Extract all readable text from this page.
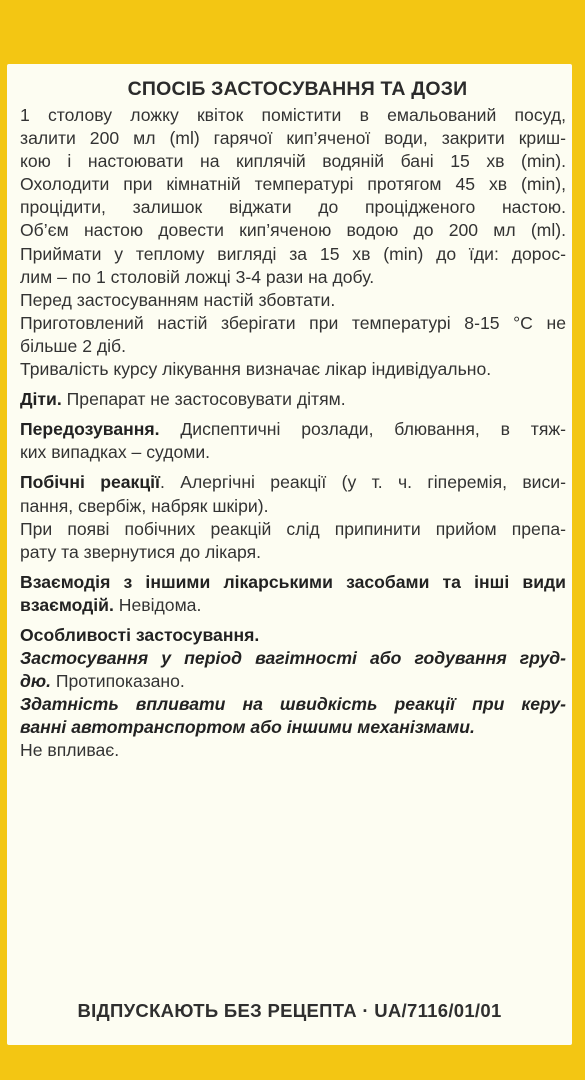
СПОСІБ ЗАСТОСУВАННЯ ТА ДОЗИ
1 столову ложку квіток помістити в емальований посуд,
залити 200 мл (ml) гарячої кип’яченої води, закрити криш-
кою і настоювати на киплячій водяній бані 15 хв (min).
Охолодити при кімнатній температурі протягом 45 хв (min),
процідити, залишок віджати до процідженого настою.
Об’єм настою довести кип’яченою водою до 200 мл (ml).
Приймати у теплому вигляді за 15 хв (min) до їди: дорос-
лим – по 1 столовій ложці 3-4 рази на добу.
Перед застосуванням настій збовтати.
Приготовлений настій зберігати при температурі 8-15 °С не
більше 2 діб.
Тривалість курсу лікування визначає лікар індивідуально.
Діти. Препарат не застосовувати дітям.
Передозування. Диспептичні розлади, блювання, в тяж-
ких випадках – судоми.
Побічні реакції. Алергічні реакції (у т. ч. гіперемія, виси-
пання, свербіж, набряк шкіри).
При появі побічних реакцій слід припинити прийом препа-
рату та звернутися до лікаря.
Взаємодія з іншими лікарськими засобами та інші види
взаємодій. Невідома.
Особливості застосування.
Застосування у період вагітності або годування груд-
дю. Протипоказано.
Здатність впливати на швидкість реакції при керу-
ванні автотранспортом або іншими механізмами.
Не впливає.
ВІДПУСКАЮТЬ БЕЗ РЕЦЕПТА · UA/7116/01/01
